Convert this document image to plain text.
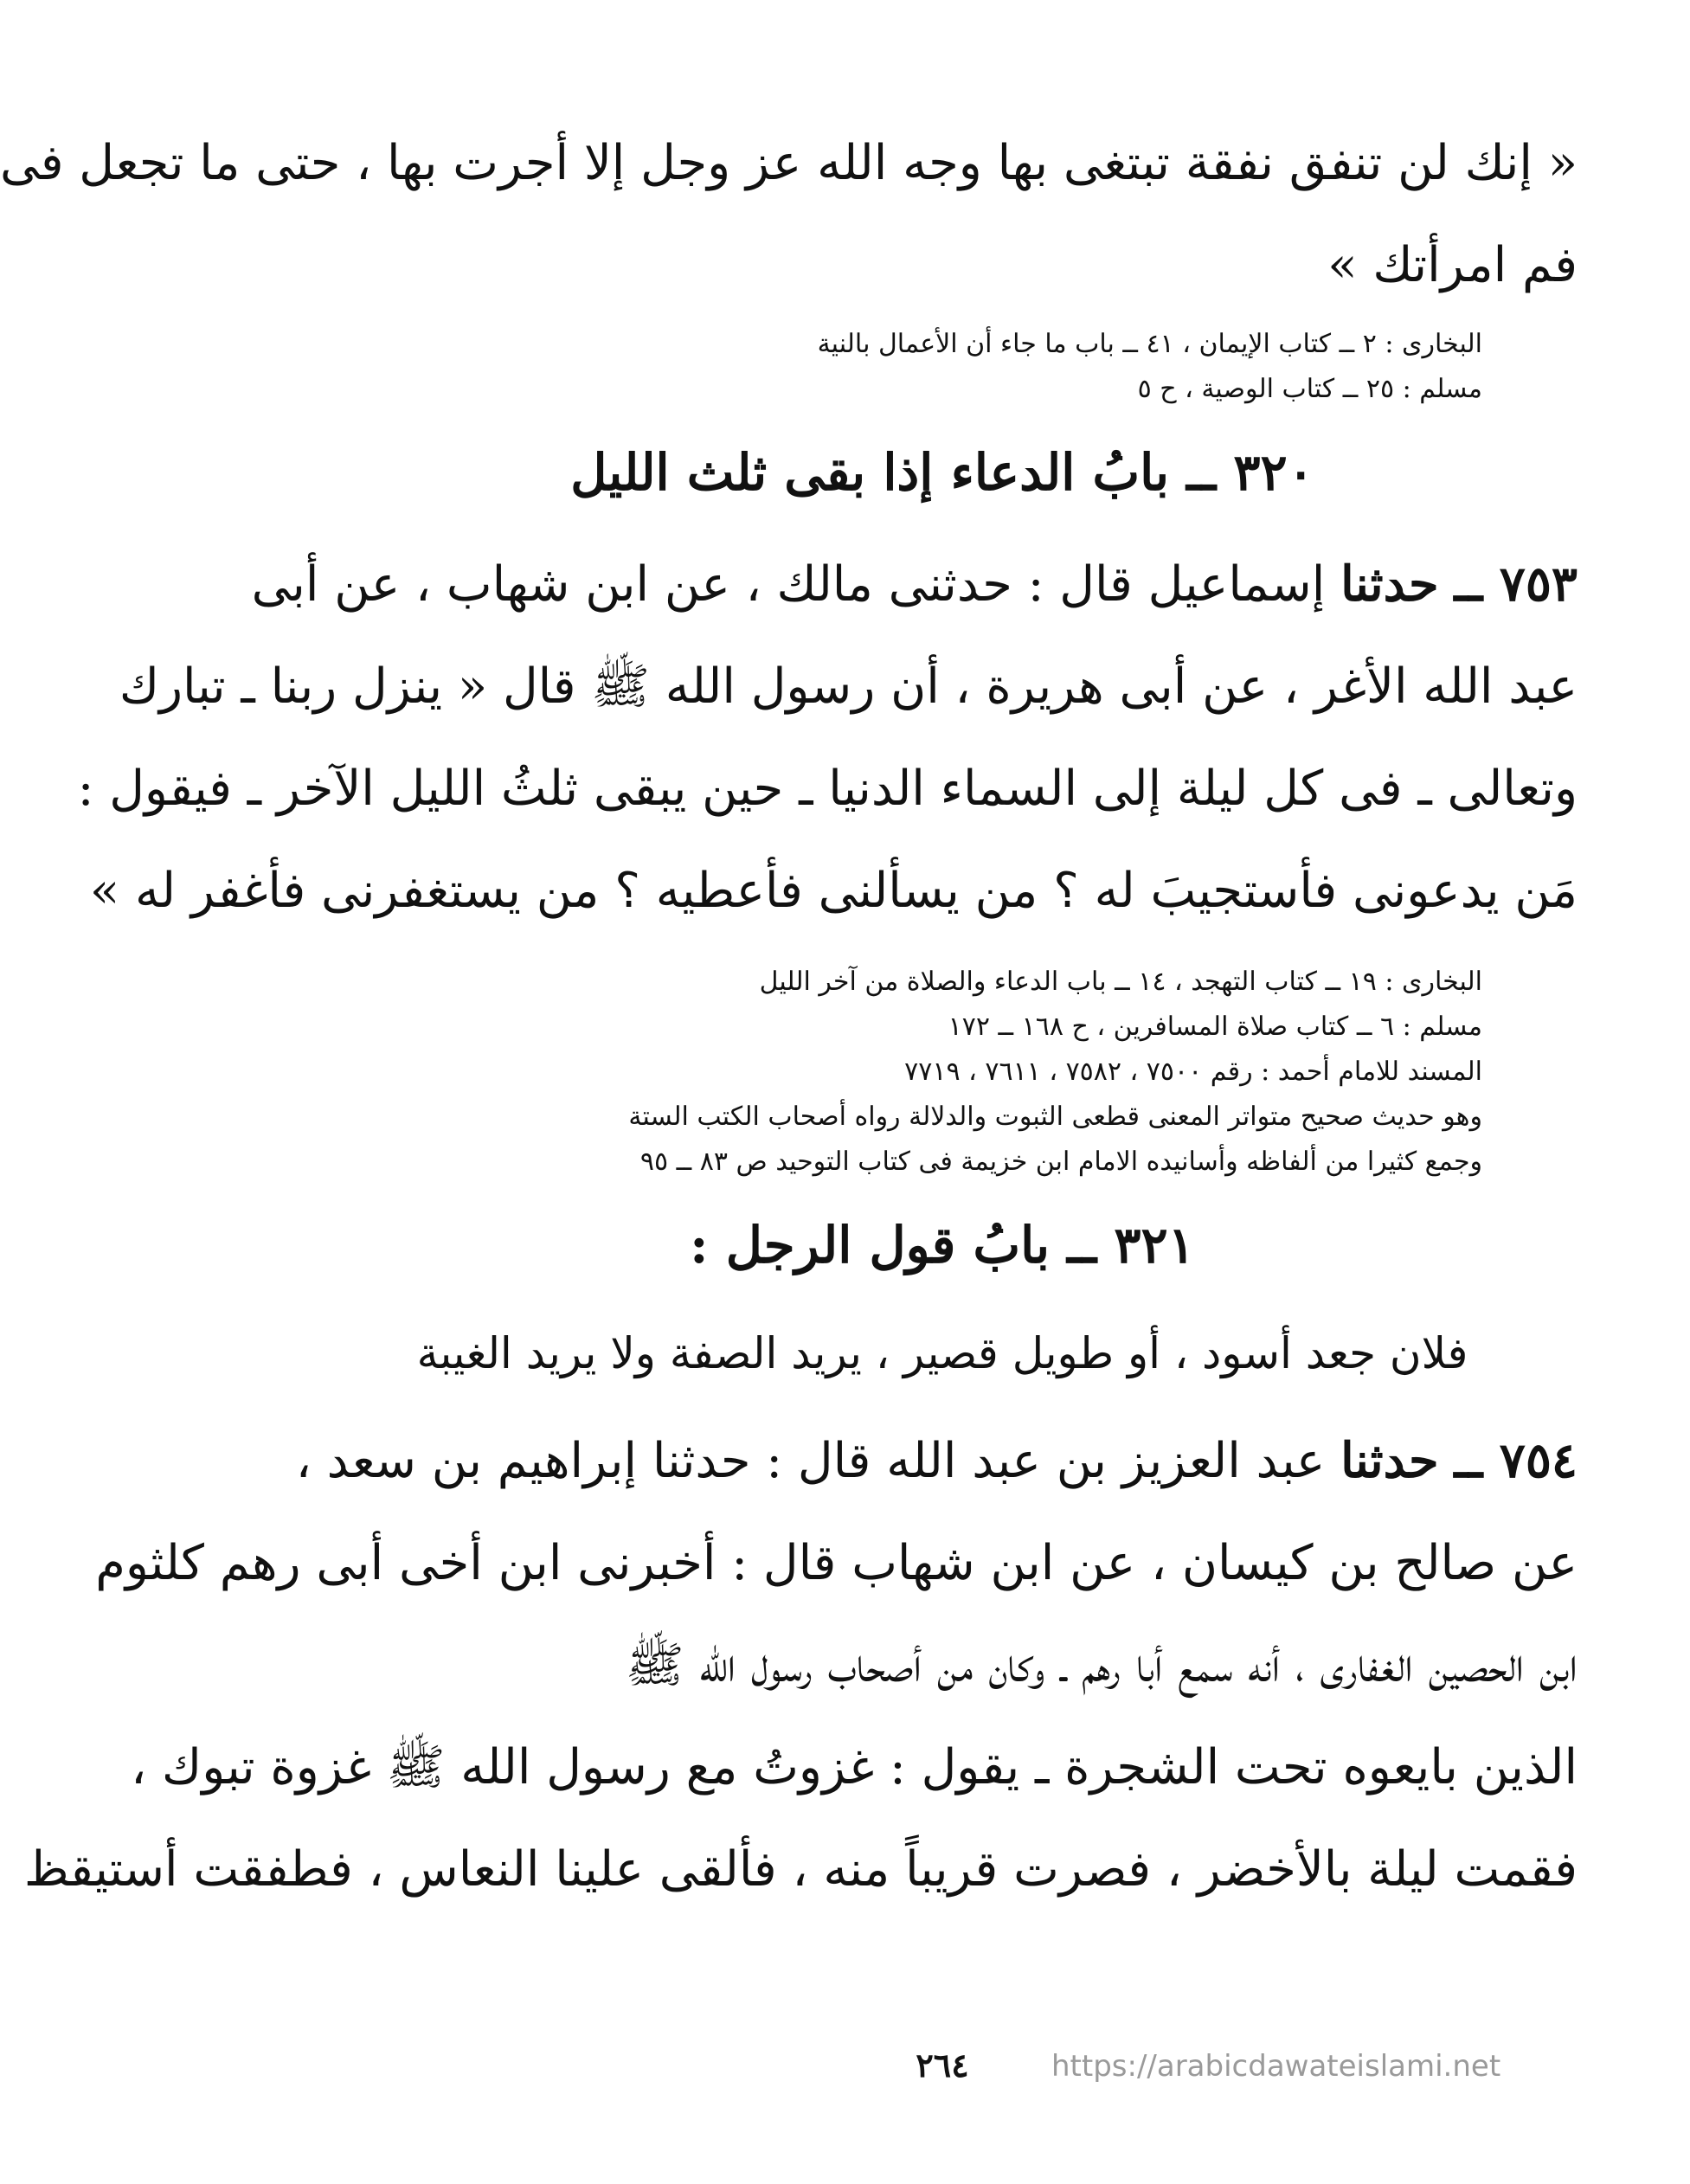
« إنك لن تنفق نفقة تبتغى بها وجه الله عز وجل إلا أجرت بها ، حتى ما تجعل فى
فم امرأتك »

البخارى : ٢ ــ كتاب الإيمان ، ٤١ ــ باب ما جاء أن الأعمال بالنية
مسلم : ٢٥ ــ كتاب الوصية ، ح ٥
٣٢٠ ــ بابُ الدعاء إذا بقى ثلث الليل

٧٥٣ ــ حدثنا إسماعيل قال : حدثنى مالك ، عن ابن شهاب ، عن أبى
عبد الله الأغر ، عن أبى هريرة ، أن رسول الله ﷺ قال « ينزل ربنا ـ تبارك
وتعالى ـ فى كل ليلة إلى السماء الدنيا ـ حين يبقى ثلثُ الليل الآخر ـ فيقول :
مَن يدعونى فأستجيبَ له ؟ من يسألنى فأعطيه ؟ من يستغفرنى فأغفر له »

البخارى : ١٩ ــ كتاب التهجد ، ١٤ ــ باب الدعاء والصلاة من آخر الليل
مسلم : ٦ ــ كتاب صلاة المسافرين ، ح ١٦٨ ــ ١٧٢
المسند للامام أحمد : رقم ٧٥٠٠ ، ٧٥٨٢ ، ٧٦١١ ، ٧٧١٩
وهو حديث صحيح متواتر المعنى قطعى الثبوت والدلالة رواه أصحاب الكتب الستة
وجمع كثيرا من ألفاظه وأسانيده الامام ابن خزيمة فى كتاب التوحيد ص ٨٣ ــ ٩٥
٣٢١ ــ بابُ قول الرجل :

فلان جعد أسود ، أو طويل قصير ، يريد الصفة ولا يريد الغيبة

٧٥٤ ــ حدثنا عبد العزيز بن عبد الله قال : حدثنا إبراهيم بن سعد ،
عن صالح بن كيسان ، عن ابن شهاب قال : أخبرنى ابن أخى أبى رهم كلثوم
ابن الحصين الغفارى ، أنه سمع أبا رهم ـ وكان من أصحاب رسول الله ﷺ
الذين بايعوه تحت الشجرة ـ يقول : غزوتُ مع رسول الله ﷺ غزوة تبوك ،
فقمت ليلة بالأخضر ، فصرت قريباً منه ، فألقى علينا النعاس ، فطفقت أستيقظ

٢٦٤	https://arabicdawateislami.net
